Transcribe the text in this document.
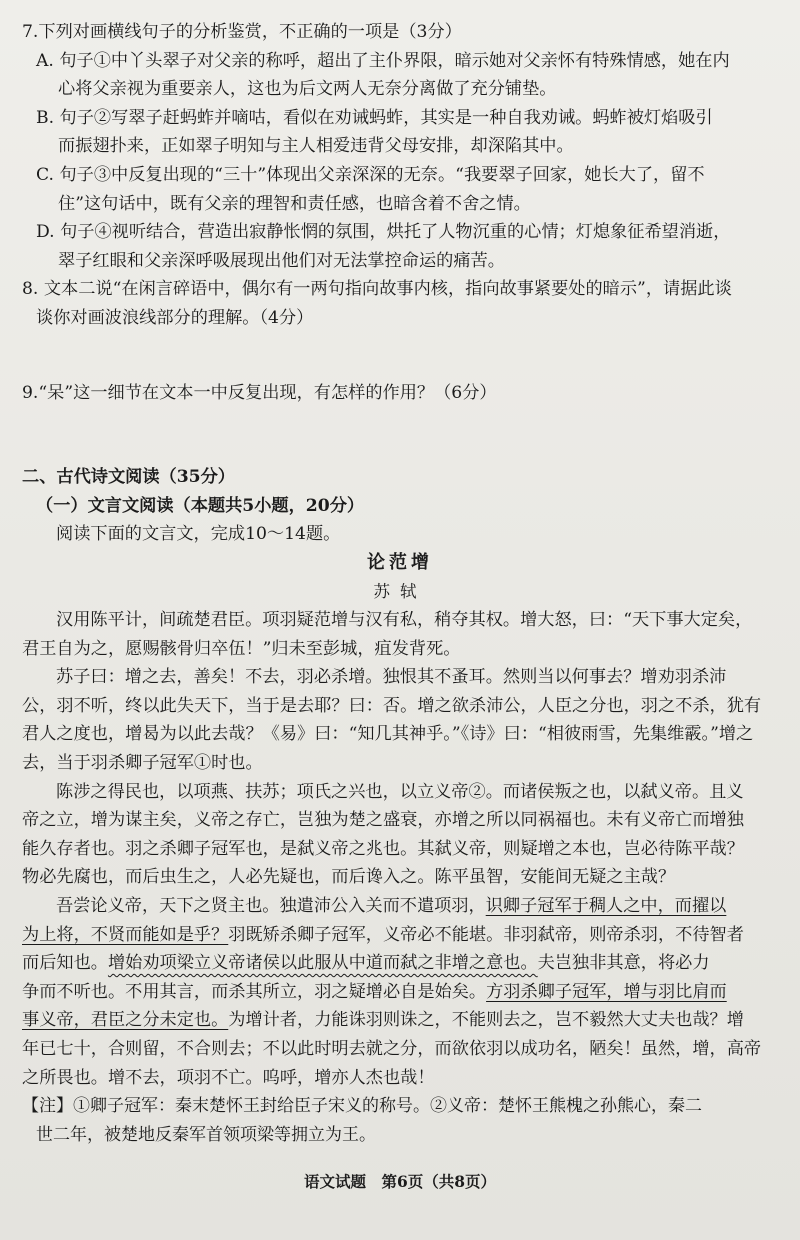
7.下列对画横线句子的分析鉴赏，不正确的一项是（3分）
A. 句子①中丫头翠子对父亲的称呼，超出了主仆界限，暗示她对父亲怀有特殊情感，她在内
心将父亲视为重要亲人，这也为后文两人无奈分离做了充分铺垫。
B. 句子②写翠子赶蚂蚱并嘀咕，看似在劝诫蚂蚱，其实是一种自我劝诫。蚂蚱被灯焰吸引
而振翅扑来，正如翠子明知与主人相爱违背父母安排，却深陷其中。
C. 句子③中反复出现的“三十”体现出父亲深深的无奈。“我要翠子回家，她长大了，留不
住”这句话中，既有父亲的理智和责任感，也暗含着不舍之情。
D. 句子④视听结合，营造出寂静怅惘的氛围，烘托了人物沉重的心情；灯熄象征希望消逝，
翠子红眼和父亲深呼吸展现出他们对无法掌控命运的痛苦。
8. 文本二说“在闲言碎语中，偶尔有一两句指向故事内核，指向故事紧要处的暗示”，请据此谈
谈你对画波浪线部分的理解。（4分）
9.“呆”这一细节在文本一中反复出现，有怎样的作用？（6分）
二、古代诗文阅读（35分）
（一）文言文阅读（本题共5小题，20分）
阅读下面的文言文，完成10～14题。
论范增
苏轼
汉用陈平计，间疏楚君臣。项羽疑范增与汉有私，稍夺其权。增大怒，曰：“天下事大定矣，
君王自为之，愿赐骸骨归卒伍！”归未至彭城，疽发背死。
苏子曰：增之去，善矣！不去，羽必杀增。独恨其不蚤耳。然则当以何事去？增劝羽杀沛
公，羽不听，终以此失天下，当于是去耶？曰：否。增之欲杀沛公，人臣之分也，羽之不杀，犹有
君人之度也，增曷为以此去哉？《易》曰：“知几其神乎。”《诗》曰：“相彼雨雪，先集维霰。”增之
去，当于羽杀卿子冠军①时也。
陈涉之得民也，以项燕、扶苏；项氏之兴也，以立义帝②。而诸侯叛之也，以弑义帝。且义
帝之立，增为谋主矣，义帝之存亡，岂独为楚之盛衰，亦增之所以同祸福也。未有义帝亡而增独
能久存者也。羽之杀卿子冠军也，是弑义帝之兆也。其弑义帝，则疑增之本也，岂必待陈平哉？
物必先腐也，而后虫生之，人必先疑也，而后谗入之。陈平虽智，安能间无疑之主哉？
吾尝论义帝，天下之贤主也。独遣沛公入关而不遣项羽，识卿子冠军于稠人之中，而擢以
为上将，不贤而能如是乎？羽既矫杀卿子冠军，义帝必不能堪。非羽弑帝，则帝杀羽，不待智者
而后知也。增始劝项梁立义帝诸侯以此服从中道而弑之非增之意也。夫岂独非其意，将必力
争而不听也。不用其言，而杀其所立，羽之疑增必自是始矣。方羽杀卿子冠军，增与羽比肩而
事义帝，君臣之分未定也。为增计者，力能诛羽则诛之，不能则去之，岂不毅然大丈夫也哉？增
年已七十，合则留，不合则去；不以此时明去就之分，而欲依羽以成功名，陋矣！虽然，增，高帝
之所畏也。增不去，项羽不亡。呜呼，增亦人杰也哉！
【注】①卿子冠军：秦末楚怀王封给臣子宋义的称号。②义帝：楚怀王熊槐之孙熊心，秦二
世二年，被楚地反秦军首领项梁等拥立为王。
语文试题　第6页（共8页）
